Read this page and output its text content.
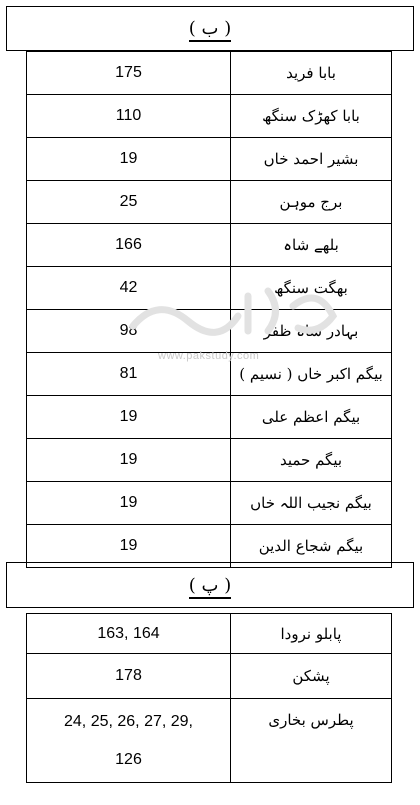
( ب )
175	بابا فرید
110	بابا کھڑک سنگھ
19	بشیر احمد خاں
25	برج موہن
166	بلھے شاہ
42	بھگت سنگھ
98	بہادر شاہ ظفر
81	بیگم اکبر خاں ( نسیم )
19	بیگم اعظم علی
19	بیگم حمید
19	بیگم نجیب اللہ خاں
19	بیگم شجاع الدین
( پ )
163, 164	پابلو نرودا
178	پشکن

24, 25, 26, 27, 29,
126	پطرس بخاری
www.pakstudy.com
